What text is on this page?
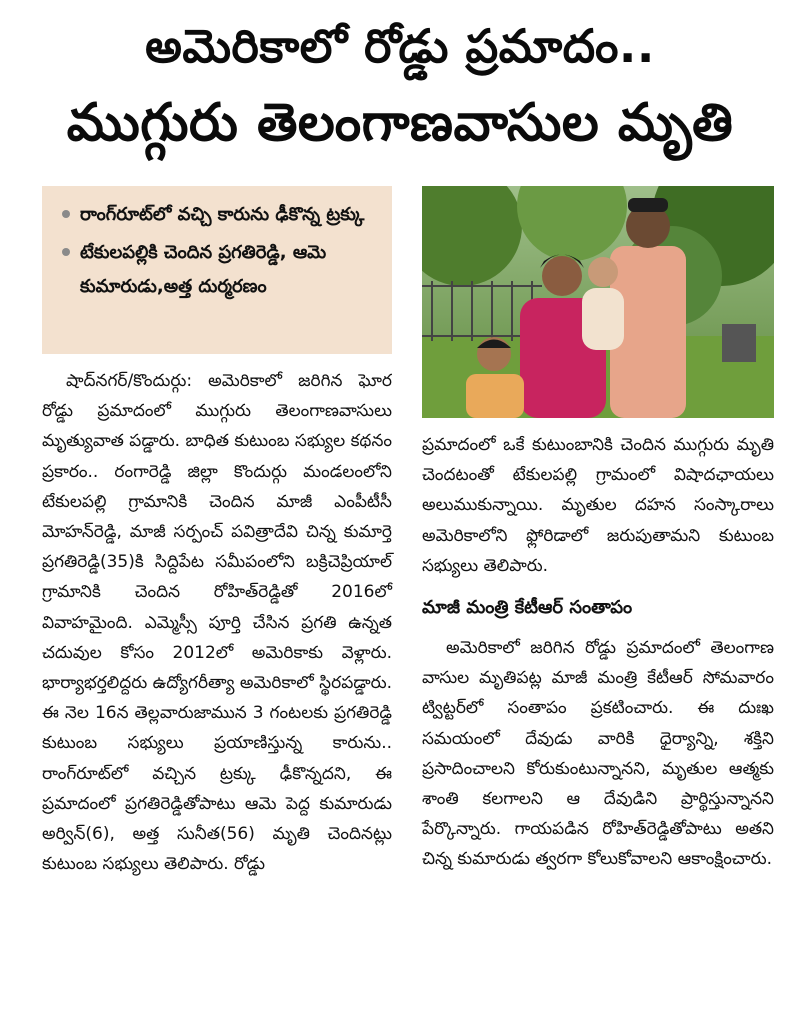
అమెరికాలో రోడ్డు ప్రమాదం..
ముగ్గురు తెలంగాణవాసుల మృతి
రాంగ్‌రూట్‌లో వచ్చి కారును ఢీకొన్న ట్రక్కు
టేకులపల్లికి చెందిన ప్రగతిరెడ్డి, ఆమె కుమారుడు,అత్త దుర్మరణం

షాద్‌నగర్/కొందుర్గు: అమెరికాలో జరిగిన ఘోర రోడ్డు ప్రమాదంలో ముగ్గురు తెలంగాణవాసులు మృత్యువాత పడ్డారు. బాధిత కుటుంబ సభ్యుల కథనం ప్రకారం.. రంగారెడ్డి జిల్లా కొందుర్గు మండలంలోని టేకులపల్లి గ్రామానికి చెందిన మాజీ ఎంపీటీసీ మోహన్‌రెడ్డి, మాజీ సర్పంచ్ పవిత్రాదేవి చిన్న కుమార్తె ప్రగతిరెడ్డి(35)కి సిద్దిపేట సమీపంలోని బక్రిచెప్రియాల్ గ్రామానికి చెందిన రోహిత్‌రెడ్డితో 2016లో వివాహమైంది. ఎమ్మెస్సీ పూర్తి చేసిన ప్రగతి ఉన్నత చదువుల కోసం 2012లో అమెరికాకు వెళ్లారు. భార్యాభర్తలిద్దరు ఉద్యోగరీత్యా అమెరికాలో స్థిరపడ్డారు. ఈ నెల 16న తెల్లవారుజామున 3 గంటలకు ప్రగతిరెడ్డి కుటుంబ సభ్యులు ప్రయాణిస్తున్న కారును.. రాంగ్‌రూట్‌లో వచ్చిన ట్రక్కు ఢీకొన్నదని, ఈ ప్రమాదంలో ప్రగతిరెడ్డితోపాటు ఆమె పెద్ద కుమారుడు అర్విన్(6), అత్త సునీత(56) మృతి చెందినట్లు కుటుంబ సభ్యులు తెలిపారు. రోడ్డు

ప్రమాదంలో ఒకే కుటుంబానికి చెందిన ముగ్గురు మృతి చెందటంతో టేకులపల్లి గ్రామంలో విషాదఛాయలు అలుముకున్నాయి. మృతుల దహన సంస్కారాలు అమెరికాలోని ఫ్లోరిడాలో జరుపుతామని కుటుంబ సభ్యులు తెలిపారు.

మాజీ మంత్రి కేటీఆర్ సంతాపం

అమెరికాలో జరిగిన రోడ్డు ప్రమాదంలో తెలంగాణ వాసుల మృతిపట్ల మాజీ మంత్రి కేటీఆర్ సోమవారం ట్విట్టర్‌లో సంతాపం ప్రకటించారు. ఈ దుఃఖ సమయంలో దేవుడు వారికి ధైర్యాన్ని, శక్తిని ప్రసాదించాలని కోరుకుంటున్నానని, మృతుల ఆత్మకు శాంతి కలగాలని ఆ దేవుడిని ప్రార్థిస్తున్నానని పేర్కొన్నారు. గాయపడిన రోహిత్‌రెడ్డితోపాటు అతని చిన్న కుమారుడు త్వరగా కోలుకోవాలని ఆకాంక్షించారు.
